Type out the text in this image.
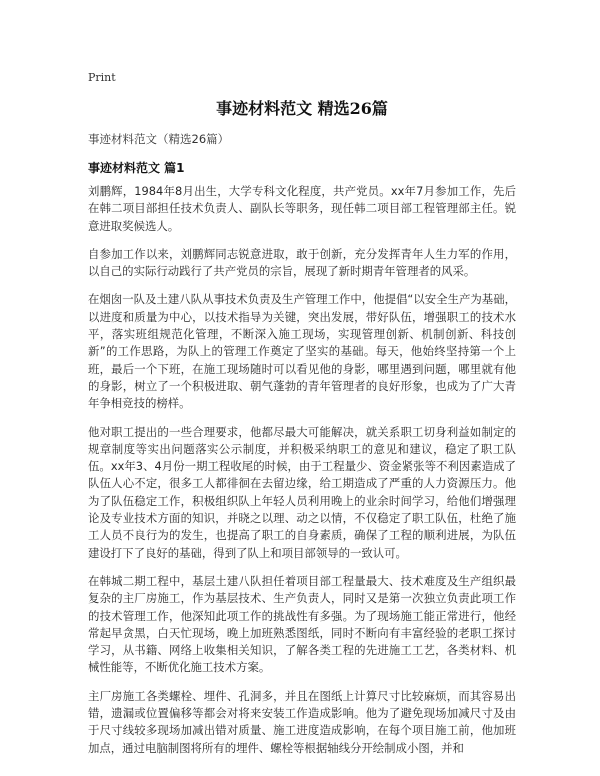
Print
事迹材料范文 精选26篇
事迹材料范文（精选26篇）
事迹材料范文 篇1

刘鹏辉，1984年8月出生，大学专科文化程度，共产党员。xx年7月参加工作，先后在韩二项目部担任技术负责人、副队长等职务，现任韩二项目部工程管理部主任。锐意进取奖候选人。

自参加工作以来，刘鹏辉同志锐意进取，敢于创新，充分发挥青年人生力军的作用，以自己的实际行动践行了共产党员的宗旨，展现了新时期青年管理者的风采。

在烟囱一队及土建八队从事技术负责及生产管理工作中，他提倡“以安全生产为基础，以进度和质量为中心，以技术指导为关键，突出发展，带好队伍，增强职工的技术水平，落实班组规范化管理，不断深入施工现场，实现管理创新、机制创新、科技创新”的工作思路，为队上的管理工作奠定了坚实的基础。每天，他始终坚持第一个上班，最后一个下班，在施工现场随时可以看见他的身影，哪里遇到问题，哪里就有他的身影，树立了一个积极进取、朝气蓬勃的青年管理者的良好形象，也成为了广大青年争相竞技的榜样。

他对职工提出的一些合理要求，他都尽最大可能解决，就关系职工切身利益如制定的规章制度等实出问题落实公示制度，并积极采纳职工的意见和建议，稳定了职工队伍。xx年3、4月份一期工程收尾的时候，由于工程量少、资金紧张等不利因素造成了队伍人心不定，很多工人都徘徊在去留边缘，给工期造成了严重的人力资源压力。他为了队伍稳定工作，积极组织队上年轻人员利用晚上的业余时间学习，给他们增强理论及专业技术方面的知识，并晓之以理、动之以情，不仅稳定了职工队伍，杜绝了施工人员不良行为的发生，也提高了职工的自身素质，确保了工程的顺利进展，为队伍建设打下了良好的基础，得到了队上和项目部领导的一致认可。

在韩城二期工程中，基层土建八队担任着项目部工程量最大、技术难度及生产组织最复杂的主厂房施工，作为基层技术、生产负责人，同时又是第一次独立负责此项工作的技术管理工作，他深知此项工作的挑战性有多强。为了现场施工能正常进行，他经常起早贪黑，白天忙现场，晚上加班熟悉图纸，同时不断向有丰富经验的老职工探讨学习，从书籍、网络上收集相关知识，了解各类工程的先进施工工艺，各类材料、机械性能等，不断优化施工技术方案。

主厂房施工各类螺栓、埋件、孔洞多，并且在图纸上计算尺寸比较麻烦，而其容易出错，遗漏或位置偏移等都会对将来安装工作造成影响。他为了避免现场加减尺寸及由于尺寸线较多现场加减出错对质量、施工进度造成影响，在每个项目施工前，他加班加点，通过电脑制图将所有的埋件、螺栓等根据轴线分开绘制成小图，并和
